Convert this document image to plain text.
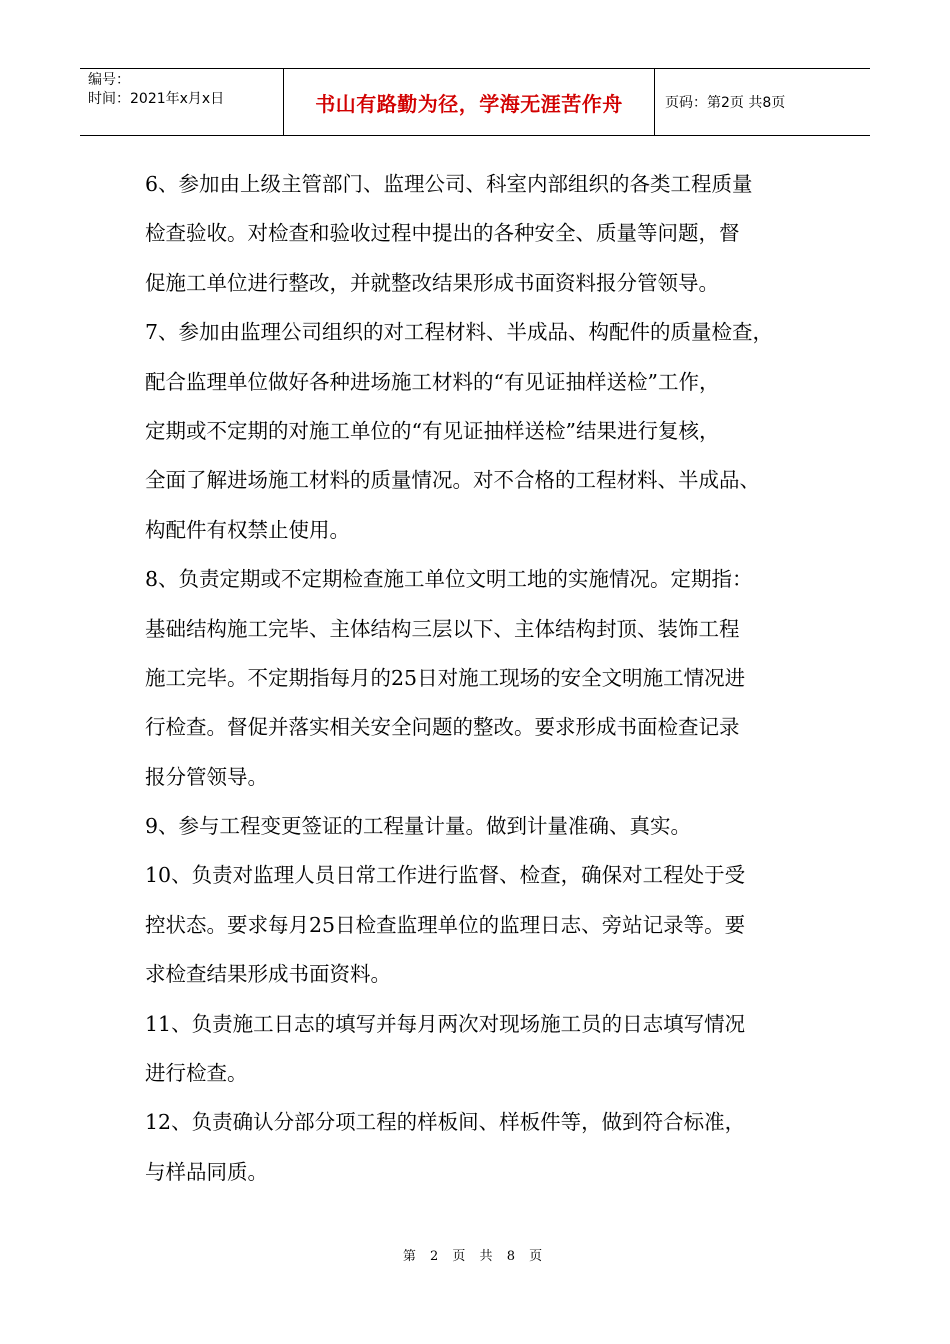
编号：
时间：2021年x月x日	书山有路勤为径，学海无涯苦作舟	页码：第2页 共8页
6、参加由上级主管部门、监理公司、科室内部组织的各类工程质量
检查验收。对检查和验收过程中提出的各种安全、质量等问题，督
促施工单位进行整改，并就整改结果形成书面资料报分管领导。
7、参加由监理公司组织的对工程材料、半成品、构配件的质量检查，
配合监理单位做好各种进场施工材料的“有见证抽样送检”工作，
定期或不定期的对施工单位的“有见证抽样送检”结果进行复核，
全面了解进场施工材料的质量情况。对不合格的工程材料、半成品、
构配件有权禁止使用。
8、负责定期或不定期检查施工单位文明工地的实施情况。定期指：
基础结构施工完毕、主体结构三层以下、主体结构封顶、装饰工程
施工完毕。不定期指每月的25日对施工现场的安全文明施工情况进
行检查。督促并落实相关安全问题的整改。要求形成书面检查记录
报分管领导。
9、参与工程变更签证的工程量计量。做到计量准确、真实。
10、负责对监理人员日常工作进行监督、检查，确保对工程处于受
控状态。要求每月25日检查监理单位的监理日志、旁站记录等。要
求检查结果形成书面资料。
11、负责施工日志的填写并每月两次对现场施工员的日志填写情况
进行检查。
12、负责确认分部分项工程的样板间、样板件等，做到符合标准，
与样品同质。
第 2 页 共 8 页
